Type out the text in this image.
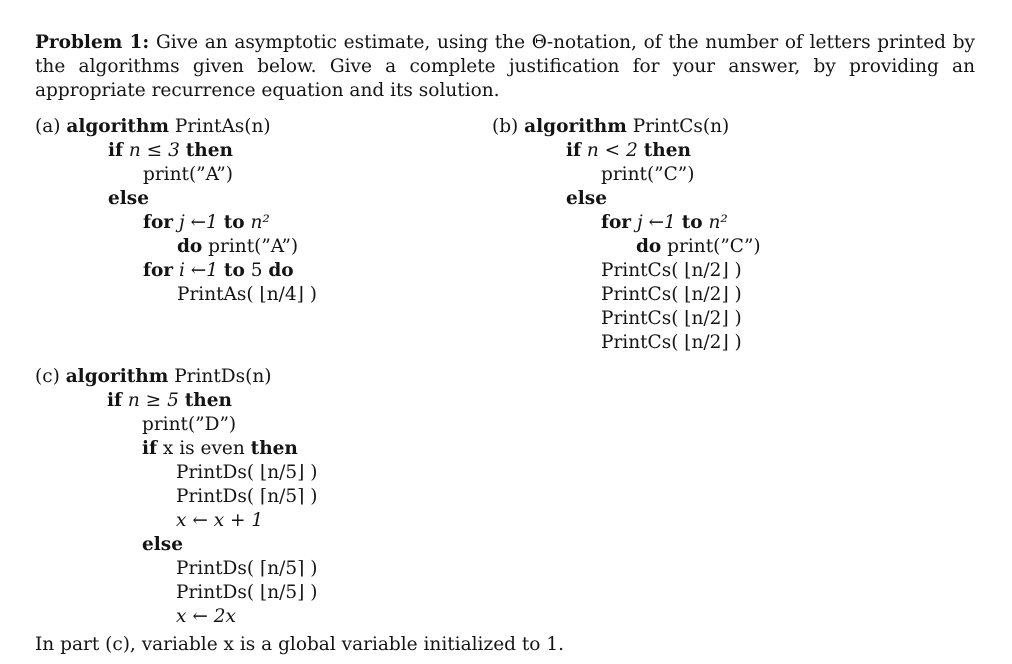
Problem 1: Give an asymptotic estimate, using the Θ-notation, of the number of letters printed by the algorithms given below. Give a complete justification for your answer, by providing an appropriate recurrence equation and its solution.

(a) algorithm PrintAs(n)
if n ≤ 3 then
print(”A”)
else
for j ←1 to n²
do print(”A”)
for i ←1 to 5 do
PrintAs( ⌊n/4⌋ )
(b) algorithm PrintCs(n)
if n < 2 then
print(”C”)
else
for j ←1 to n²
do print(”C”)
PrintCs( ⌊n/2⌋ )
PrintCs( ⌊n/2⌋ )
PrintCs( ⌊n/2⌋ )
PrintCs( ⌊n/2⌋ )
(c) algorithm PrintDs(n)
if n ≥ 5 then
print(”D”)
if x is even then
PrintDs( ⌊n/5⌋ )
PrintDs( ⌈n/5⌉ )
x ← x + 1
else
PrintDs( ⌈n/5⌉ )
PrintDs( ⌊n/5⌋ )
x ← 2x
In part (c), variable x is a global variable initialized to 1.
